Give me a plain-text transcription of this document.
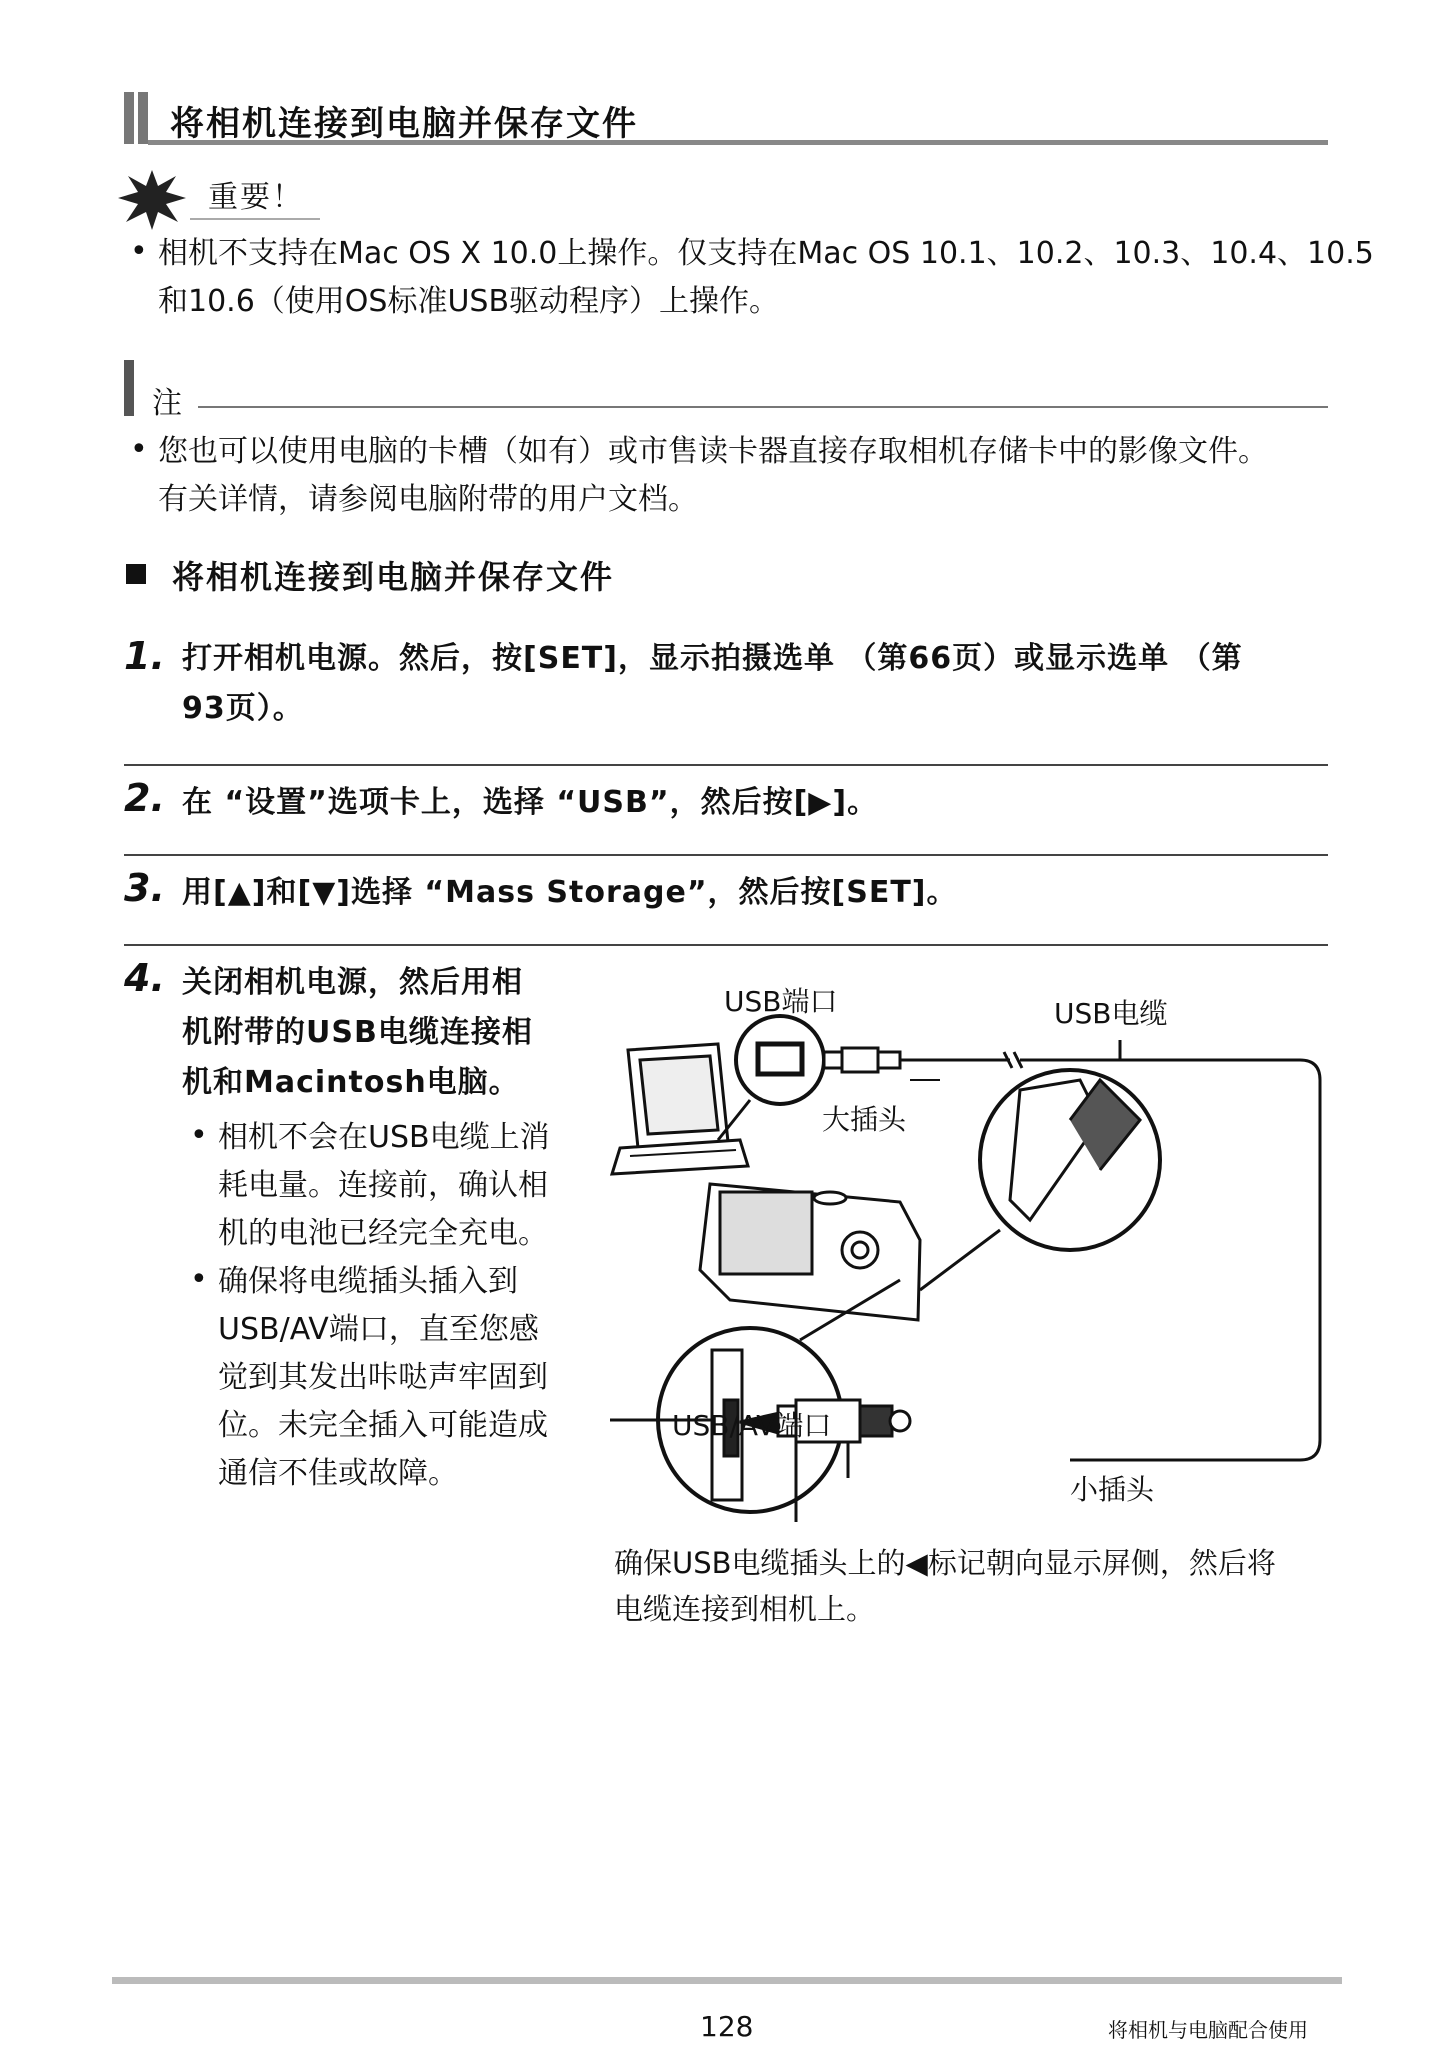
将相机连接到电脑并保存文件
重要！
• 相机不支持在Mac OS X 10.0上操作。仅支持在Mac OS 10.1、10.2、10.3、10.4、10.5
和10.6（使用OS标准USB驱动程序）上操作。
注
• 您也可以使用电脑的卡槽（如有）或市售读卡器直接存取相机存储卡中的影像文件。
有关详情，请参阅电脑附带的用户文档。
将相机连接到电脑并保存文件
1. 打开相机电源。然后，按[SET]，显示拍摄选单 （第66页）或显示选单 （第
93页）。
2. 在 “设置”选项卡上，选择 “USB”，然后按[▶]。
3. 用[▲]和[▼]选择 “Mass Storage”，然后按[SET]。
4. 关闭相机电源，然后用相
机附带的USB电缆连接相
机和Macintosh电脑。
• 相机不会在USB电缆上消
耗电量。连接前，确认相
机的电池已经完全充电。
• 确保将电缆插头插入到
USB/AV端口，直至您感
觉到其发出咔哒声牢固到
位。未完全插入可能造成
通信不佳或故障。
USB端口	USB电缆
大插头
USB/AV端口
小插头
确保USB电缆插头上的◀标记朝向显示屏侧，然后将
电缆连接到相机上。
128	将相机与电脑配合使用
